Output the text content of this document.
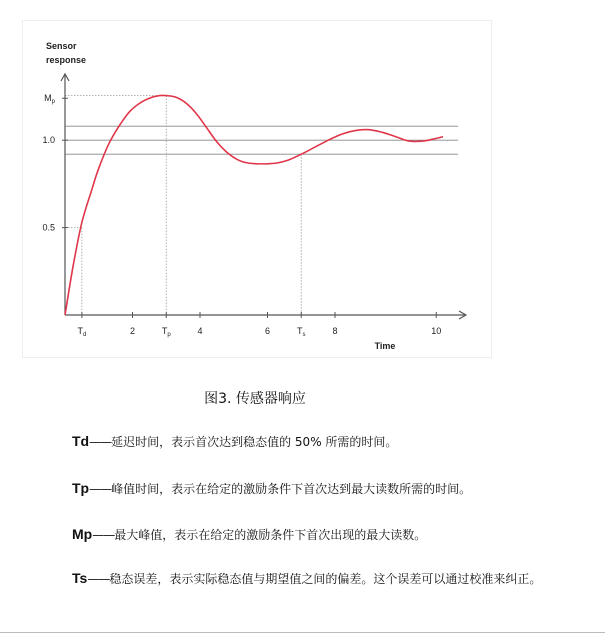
$T_d$	2	$T_p$	4	6	$T_s$	8	10
0.5
1.0
$M_p$
Sensor
response
Time
图3. 传感器响应
Td——延迟时间，表示首次达到稳态值的 50% 所需的时间。
Tp——峰值时间，表示在给定的激励条件下首次达到最大读数所需的时间。
Mp——最大峰值，表示在给定的激励条件下首次出现的最大读数。
Ts——稳态误差，表示实际稳态值与期望值之间的偏差。这个误差可以通过校准来纠正。
